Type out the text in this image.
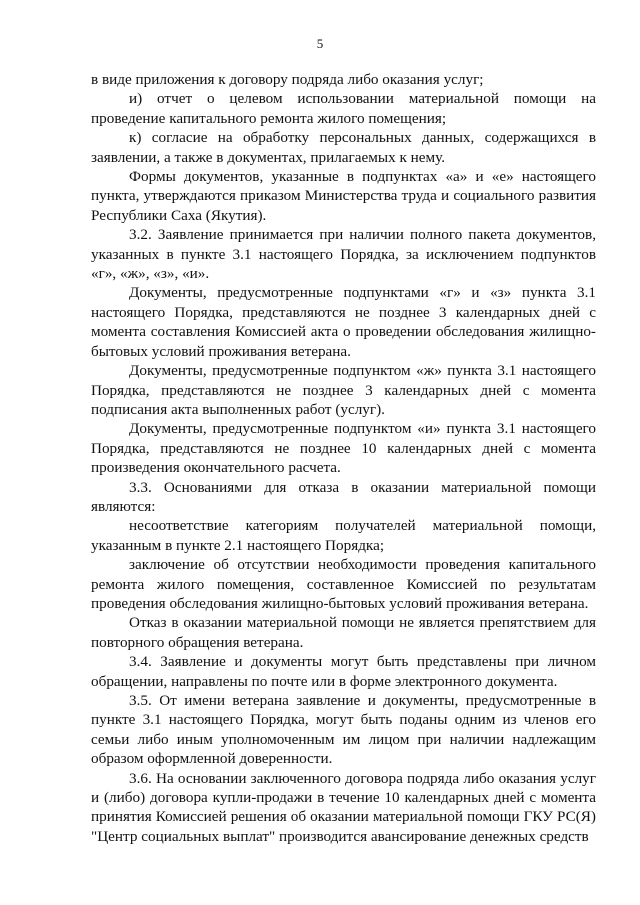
5

в виде приложения к договору подряда либо оказания услуг;

и) отчет о целевом использовании материальной помощи на проведение капитального ремонта жилого помещения;

к) согласие на обработку персональных данных, содержащихся в заявлении, а также в документах, прилагаемых к нему.

Формы документов, указанные в подпунктах «а» и «е» настоящего пункта, утверждаются приказом Министерства труда и социального развития Республики Саха (Якутия).

3.2. Заявление принимается при наличии полного пакета документов, указанных в пункте 3.1 настоящего Порядка, за исключением подпунктов «г», «ж», «з», «и».

Документы, предусмотренные подпунктами «г» и «з» пункта 3.1 настоящего Порядка, представляются не позднее 3 календарных дней с момента составления Комиссией акта о проведении обследования жилищно-бытовых условий проживания ветерана.

Документы, предусмотренные подпунктом «ж» пункта 3.1 настоящего Порядка, представляются не позднее 3 календарных дней с момента подписания акта выполненных работ (услуг).

Документы, предусмотренные подпунктом «и» пункта 3.1 настоящего Порядка, представляются не позднее 10 календарных дней с момента произведения окончательного расчета.

3.3. Основаниями для отказа в оказании материальной помощи являются:

несоответствие категориям получателей материальной помощи, указанным в пункте 2.1 настоящего Порядка;

заключение об отсутствии необходимости проведения капитального ремонта жилого помещения, составленное Комиссией по результатам проведения обследования жилищно-бытовых условий проживания ветерана.

Отказ в оказании материальной помощи не является препятствием для повторного обращения ветерана.

3.4. Заявление и документы могут быть представлены при личном обращении, направлены по почте или в форме электронного документа.

3.5. От имени ветерана заявление и документы, предусмотренные в пункте 3.1 настоящего Порядка, могут быть поданы одним из членов его семьи либо иным уполномоченным им лицом при наличии надлежащим образом оформленной доверенности.

3.6. На основании заключенного договора подряда либо оказания услуг и (либо) договора купли-продажи в течение 10 календарных дней с момента принятия Комиссией решения об оказании материальной помощи ГКУ РС(Я) "Центр социальных выплат" производится авансирование денежных средств
